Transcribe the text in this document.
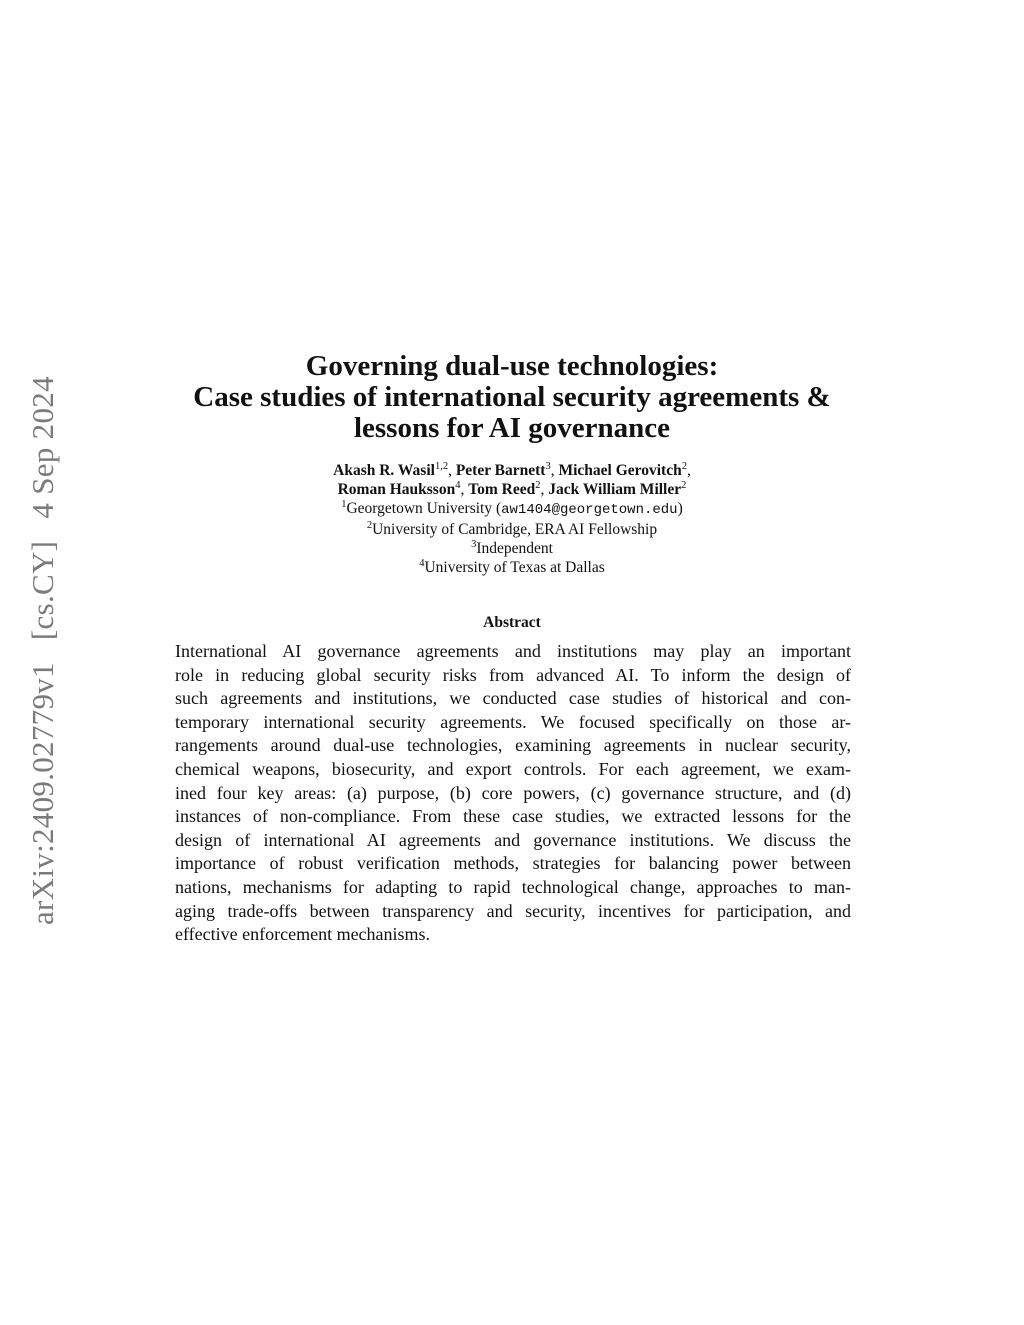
arXiv:2409.02779v1 [cs.CY] 4 Sep 2024
Governing dual-use technologies:
Case studies of international security agreements &
lessons for AI governance
Akash R. Wasil$^{1,2}$, Peter Barnett$^3$, Michael Gerovitch$^2$,
Roman Hauksson$^4$, Tom Reed$^2$, Jack William Miller$^2$
$^1$Georgetown University (aw1404@georgetown.edu)
$^2$University of Cambridge, ERA AI Fellowship
$^3$Independent
$^4$University of Texas at Dallas
Abstract
International AI governance agreements and institutions may play an important
role in reducing global security risks from advanced AI. To inform the design of
such agreements and institutions, we conducted case studies of historical and con-
temporary international security agreements. We focused specifically on those ar-
rangements around dual-use technologies, examining agreements in nuclear security,
chemical weapons, biosecurity, and export controls. For each agreement, we exam-
ined four key areas: (a) purpose, (b) core powers, (c) governance structure, and (d)
instances of non-compliance. From these case studies, we extracted lessons for the
design of international AI agreements and governance institutions. We discuss the
importance of robust verification methods, strategies for balancing power between
nations, mechanisms for adapting to rapid technological change, approaches to man-
aging trade-offs between transparency and security, incentives for participation, and
effective enforcement mechanisms.
